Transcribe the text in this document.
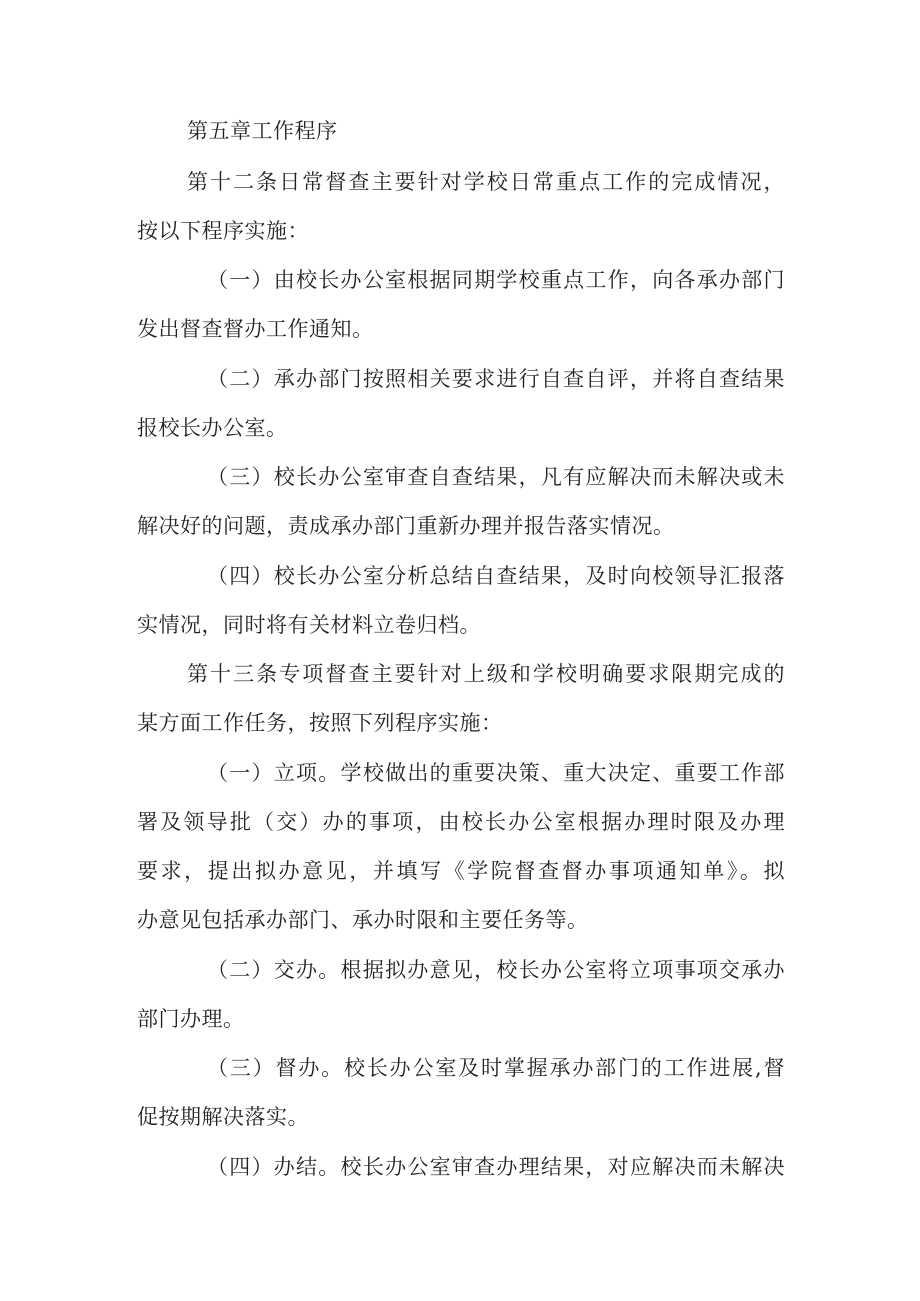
第五章工作程序
第十二条日常督查主要针对学校日常重点工作的完成情况，
按以下程序实施：
（一）由校长办公室根据同期学校重点工作，向各承办部门
发出督查督办工作通知。
（二）承办部门按照相关要求进行自查自评，并将自查结果
报校长办公室。
（三）校长办公室审查自查结果，凡有应解决而未解决或未
解决好的问题，责成承办部门重新办理并报告落实情况。
（四）校长办公室分析总结自查结果，及时向校领导汇报落
实情况，同时将有关材料立卷归档。
第十三条专项督查主要针对上级和学校明确要求限期完成的
某方面工作任务，按照下列程序实施：
（一）立项。学校做出的重要决策、重大决定、重要工作部
署及领导批（交）办的事项，由校长办公室根据办理时限及办理
要求，提出拟办意见，并填写《学院督查督办事项通知单》。拟
办意见包括承办部门、承办时限和主要任务等。
（二）交办。根据拟办意见，校长办公室将立项事项交承办
部门办理。
（三）督办。校长办公室及时掌握承办部门的工作进展,督
促按期解决落实。
（四）办结。校长办公室审查办理结果，对应解决而未解决
